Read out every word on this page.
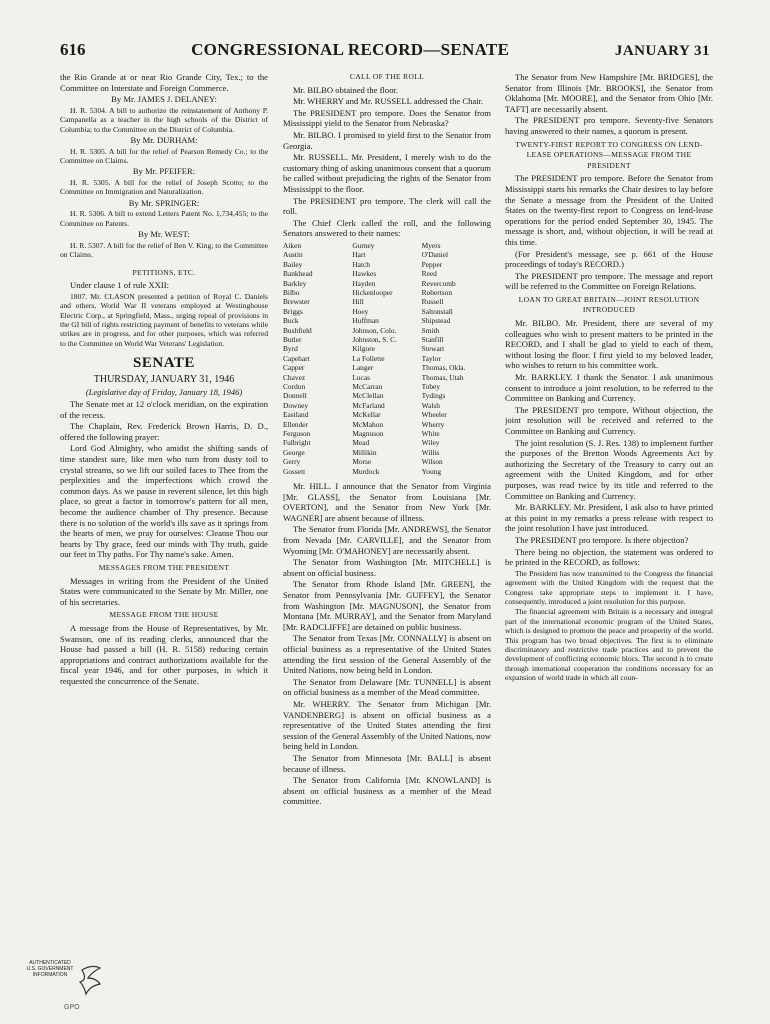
616	CONGRESSIONAL RECORD—SENATE	JANUARY 31

the Rio Grande at or near Rio Grande City, Tex.; to the Committee on Interstate and Foreign Commerce.

By Mr. JAMES J. DELANEY:

H. R. 5304. A bill to authorize the reinstatement of Anthony P. Campanella as a teacher in the high schools of the District of Columbia; to the Committee on the District of Columbia.

By Mr. DURHAM:

H. R. 5305. A bill for the relief of Pearson Remedy Co.; to the Committee on Claims.

By Mr. PFEIFER:

H. R. 5305. A bill for the relief of Joseph Scotto; to the Committee on Immigration and Naturalization.

By Mr. SPRINGER:

H. R. 5306. A bill to extend Letters Patent No. 1,734,455; to the Committee on Patents.

By Mr. WEST:

H. R. 5307. A bill for the relief of Ben V. King; to the Committee on Claims.

PETITIONS, ETC.

Under clause 1 of rule XXII:

1807. Mr. CLASON presented a petition of Royal C. Daniels and others, World War II veterans employed at Westinghouse Electric Corp., at Springfield, Mass., urging repeal of provisions in the GI bill of rights restricting payment of benefits to veterans while strikes are in progress, and for other purposes, which was referred to the Committee on World War Veterans' Legislation.

SENATE

THURSDAY, JANUARY 31, 1946

(Legislative day of Friday, January 18, 1946)

The Senate met at 12 o'clock meridian, on the expiration of the recess.

The Chaplain, Rev. Frederick Brown Harris, D. D., offered the following prayer:

Lord God Almighty, who amidst the shifting sands of time standest sure, like men who turn from dusty toil to crystal streams, so we lift our soiled faces to Thee from the perplexities and the imperfections which crowd the common days. As we pause in reverent silence, let this high place, so great a factor in tomorrow's pattern for all men, become the audience chamber of Thy presence. Because there is no solution of the world's ills save as it springs from the hearts of men, we pray for ourselves: Cleanse Thou our hearts by Thy grace, feed our minds with Thy truth, guide our feet in Thy paths. For Thy name's sake. Amen.

MESSAGES FROM THE PRESIDENT

Messages in writing from the President of the United States were communicated to the Senate by Mr. Miller, one of his secretaries.

MESSAGE FROM THE HOUSE

A message from the House of Representatives, by Mr. Swanson, one of its reading clerks, announced that the House had passed a bill (H. R. 5158) reducing certain appropriations and contract authorizations available for the fiscal year 1946, and for other purposes, in which it requested the concurrence of the Senate.

CALL OF THE ROLL

Mr. BILBO obtained the floor.

Mr. WHERRY and Mr. RUSSELL addressed the Chair.

The PRESIDENT pro tempore. Does the Senator from Mississippi yield to the Senator from Nebraska?

Mr. BILBO. I promised to yield first to the Senator from Georgia.

Mr. RUSSELL. Mr. President, I merely wish to do the customary thing of asking unanimous consent that a quorum be called without prejudicing the rights of the Senator from Mississippi to the floor.

The PRESIDENT pro tempore. The clerk will call the roll.

The Chief Clerk called the roll, and the following Senators answered to their names:

Aiken
Austin
Bailey
Bankhead
Barkley
Bilbo
Brewster
Briggs
Buck
Bushfield
Butler
Byrd
Capehart
Capper
Chavez
Cordon
Donnell
Downey
Eastland
Ellender
Ferguson
Fulbright
George
Gerry
Gossett
Gurney
Hart
Hatch
Hawkes
Hayden
Hickenlooper
Hill
Hoey
Huffman
Johnson, Colo.
Johnston, S. C.
Kilgore
La Follette
Langer
Lucas
McCarran
McClellan
McFarland
McKellar
McMahon
Magnuson
Mead
Millikin
Morse
Murdock
Myers
O'Daniel
Pepper
Reed
Revercomb
Robertson
Russell
Saltonstall
Shipstead
Smith
Stanfill
Stewart
Taylor
Thomas, Okla.
Thomas, Utah
Tobey
Tydings
Walsh
Wheeler
Wherry
White
Wiley
Willis
Wilson
Young

Mr. HILL. I announce that the Senator from Virginia [Mr. GLASS], the Senator from Louisiana [Mr. OVERTON], and the Senator from New York [Mr. WAGNER] are absent because of illness.

The Senator from Florida [Mr. ANDREWS], the Senator from Nevada [Mr. CARVILLE], and the Senator from Wyoming [Mr. O'MAHONEY] are necessarily absent.

The Senator from Washington [Mr. MITCHELL] is absent on official business.

The Senator from Rhode Island [Mr. GREEN], the Senator from Pennsylvania [Mr. GUFFEY], the Senator from Washington [Mr. MAGNUSON], the Senator from Montana [Mr. MURRAY], and the Senator from Maryland [Mr. RADCLIFFE] are detained on public business.

The Senator from Texas [Mr. CONNALLY] is absent on official business as a representative of the United States attending the first session of the General Assembly of the United Nations, now being held in London.

The Senator from Delaware [Mr. TUNNELL] is absent on official business as a member of the Mead committee.

Mr. WHERRY. The Senator from Michigan [Mr. VANDENBERG] is absent on official business as a representative of the United States attending the first session of the General Assembly of the United Nations, now being held in London.

The Senator from Minnesota [Mr. BALL] is absent because of illness.

The Senator from California [Mr. KNOWLAND] is absent on official business as a member of the Mead committee.

The Senator from New Hampshire [Mr. BRIDGES], the Senator from Illinois [Mr. BROOKS], the Senator from Oklahoma [Mr. MOORE], and the Senator from Ohio [Mr. TAFT] are necessarily absent.

The PRESIDENT pro tempore. Seventy-five Senators having answered to their names, a quorum is present.

TWENTY-FIRST REPORT TO CONGRESS ON LEND-LEASE OPERATIONS—MESSAGE FROM THE PRESIDENT

The PRESIDENT pro tempore. Before the Senator from Mississippi starts his remarks the Chair desires to lay before the Senate a message from the President of the United States on the twenty-first report to Congress on lend-lease operations for the period ended September 30, 1945. The message is short, and, without objection, it will be read at this time.

(For President's message, see p. 661 of the House proceedings of today's RECORD.)

The PRESIDENT pro tempore. The message and report will be referred to the Committee on Foreign Relations.

LOAN TO GREAT BRITAIN—JOINT RESOLUTION INTRODUCED

Mr. BILBO. Mr. President, there are several of my colleagues who wish to present matters to be printed in the RECORD, and I shall be glad to yield to each of them, without losing the floor. I first yield to my beloved leader, who wishes to return to his committee work.

Mr. BARKLEY. I thank the Senator. I ask unanimous consent to introduce a joint resolution, to be referred to the Committee on Banking and Currency.

The PRESIDENT pro tempore. Without objection, the joint resolution will be received and referred to the Committee on Banking and Currency.

The joint resolution (S. J. Res. 138) to implement further the purposes of the Bretton Woods Agreements Act by authorizing the Secretary of the Treasury to carry out an agreement with the United Kingdom, and for other purposes, was read twice by its title and referred to the Committee on Banking and Currency.

Mr. BARKLEY. Mr. President, I ask also to have printed at this point in my remarks a press release with respect to the joint resolution I have just introduced.

The PRESIDENT pro tempore. Is there objection?

There being no objection, the statement was ordered to be printed in the RECORD, as follows:

The President has now transmitted to the Congress the financial agreement with the United Kingdom with the request that the Congress take appropriate steps to implement it. I have, consequently, introduced a joint resolution for this purpose.

The financial agreement with Britain is a necessary and integral part of the international economic program of the United States, which is designed to promote the peace and prosperity of the world. This program has two broad objectives. The first is to eliminate discriminatory and restrictive trade practices and to prevent the development of conflicting economic blocs. The second is to create through international cooperation the conditions necessary for an expansion of world trade in which all coun-

AUTHENTICATED
U.S. GOVERNMENT
INFORMATION
GPO
